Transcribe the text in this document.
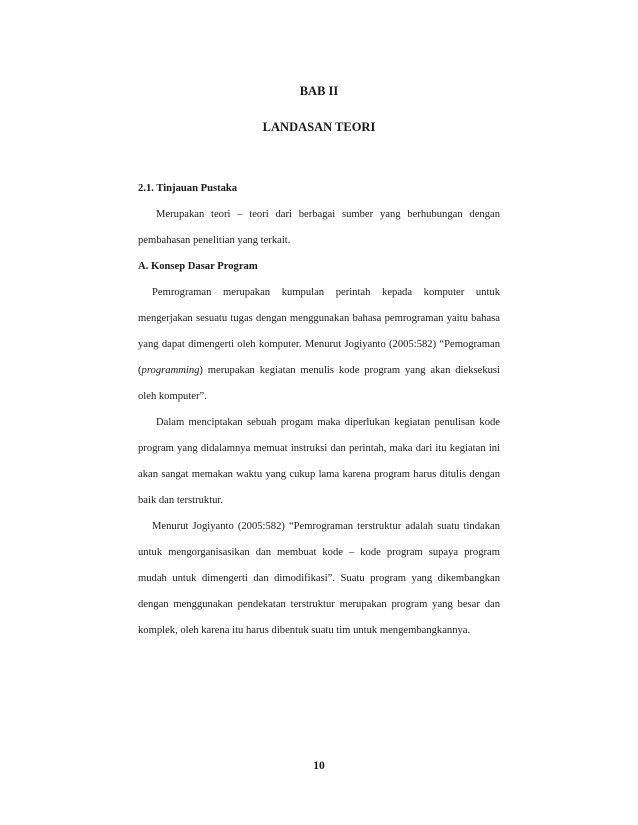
BAB II
LANDASAN TEORI

2.1. Tinjauan Pustaka

Merupakan teori – teori dari berbagai sumber yang berhubungan dengan pembahasan penelitian yang terkait.

A. Konsep Dasar Program

Pemrograman merupakan kumpulan perintah kepada komputer untuk mengerjakan sesuatu tugas dengan menggunakan bahasa pemrograman yaitu bahasa yang dapat dimengerti oleh komputer. Menurut Jogiyanto (2005:582) “Pemograman (programming) merupakan kegiatan menulis kode program yang akan dieksekusi oleh komputer”.

Dalam menciptakan sebuah progam maka diperlukan kegiatan penulisan kode program yang didalamnya memuat instruksi dan perintah, maka dari itu kegiatan ini akan sangat memakan waktu yang cukup lama karena program harus ditulis dengan baik dan terstruktur.

Menurut Jogiyanto (2005:582) “Pemrograman terstruktur adalah suatu tindakan untuk mengorganisasikan dan membuat kode – kode program supaya program mudah untuk dimengerti dan dimodifikasi”. Suatu program yang dikembangkan dengan menggunakan pendekatan terstruktur merupakan program yang besar dan komplek, oleh karena itu harus dibentuk suatu tim untuk mengembangkannya.

10
